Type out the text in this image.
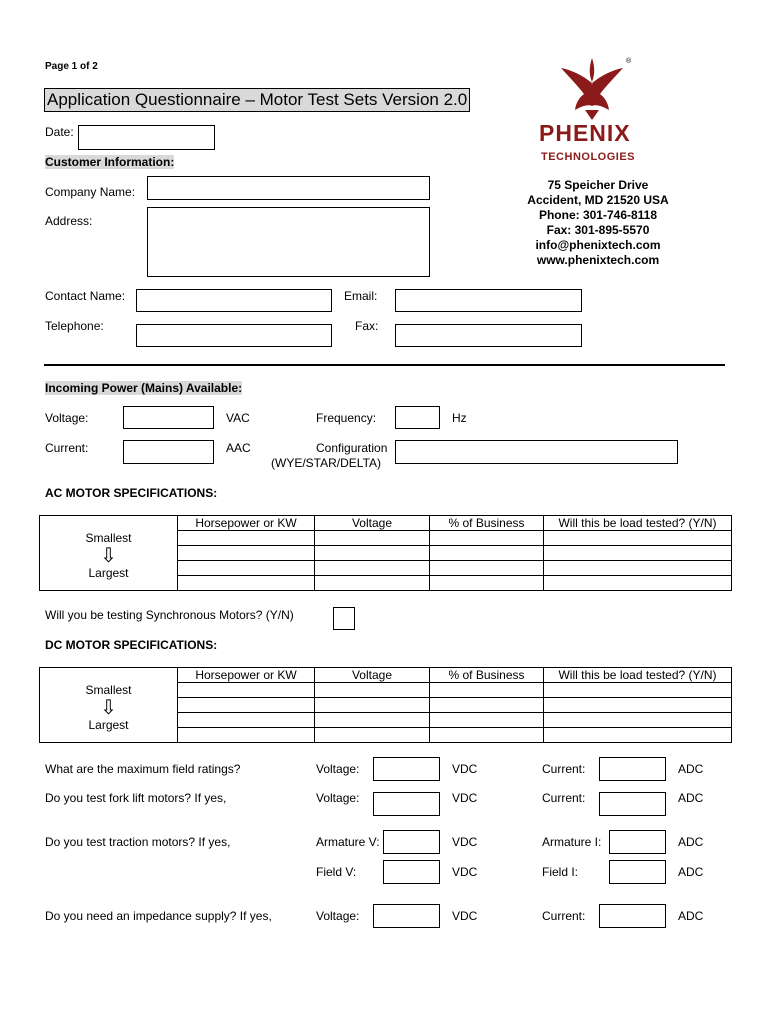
Page 1 of 2
Application Questionnaire – Motor Test Sets Version 2.0
®
PHENIX
TECHNOLOGIES
75 Speicher Drive
Accident, MD 21520 USA
Phone: 301-746-8118
Fax: 301-895-5570
info@phenixtech.com
www.phenixtech.com
Date:
Customer Information:
Company Name:
Address:
Contact Name:	Email:
Telephone:	Fax:
Incoming Power (Mains) Available:
Voltage:	VAC	Frequency:	Hz
Current:	AAC	Configuration
(WYE/STAR/DELTA)
AC MOTOR SPECIFICATIONS:
	Horsepower or KW	Voltage	% of Business	Will this be load tested? (Y/N)

Smallest
⇩
Largest				

Will you be testing Synchronous Motors? (Y/N)
DC MOTOR SPECIFICATIONS:
	Horsepower or KW	Voltage	% of Business	Will this be load tested? (Y/N)

Smallest
⇩
Largest				

What are the maximum field ratings?	Voltage:	VDC	Current:	ADC
Do you test fork lift motors? If yes,	Voltage:	VDC	Current:	ADC
Do you test traction motors? If yes,	Armature V:	VDC	Armature I:	ADC
Field V:	VDC	Field I:	ADC
Do you need an impedance supply? If yes,	Voltage:	VDC	Current:	ADC
